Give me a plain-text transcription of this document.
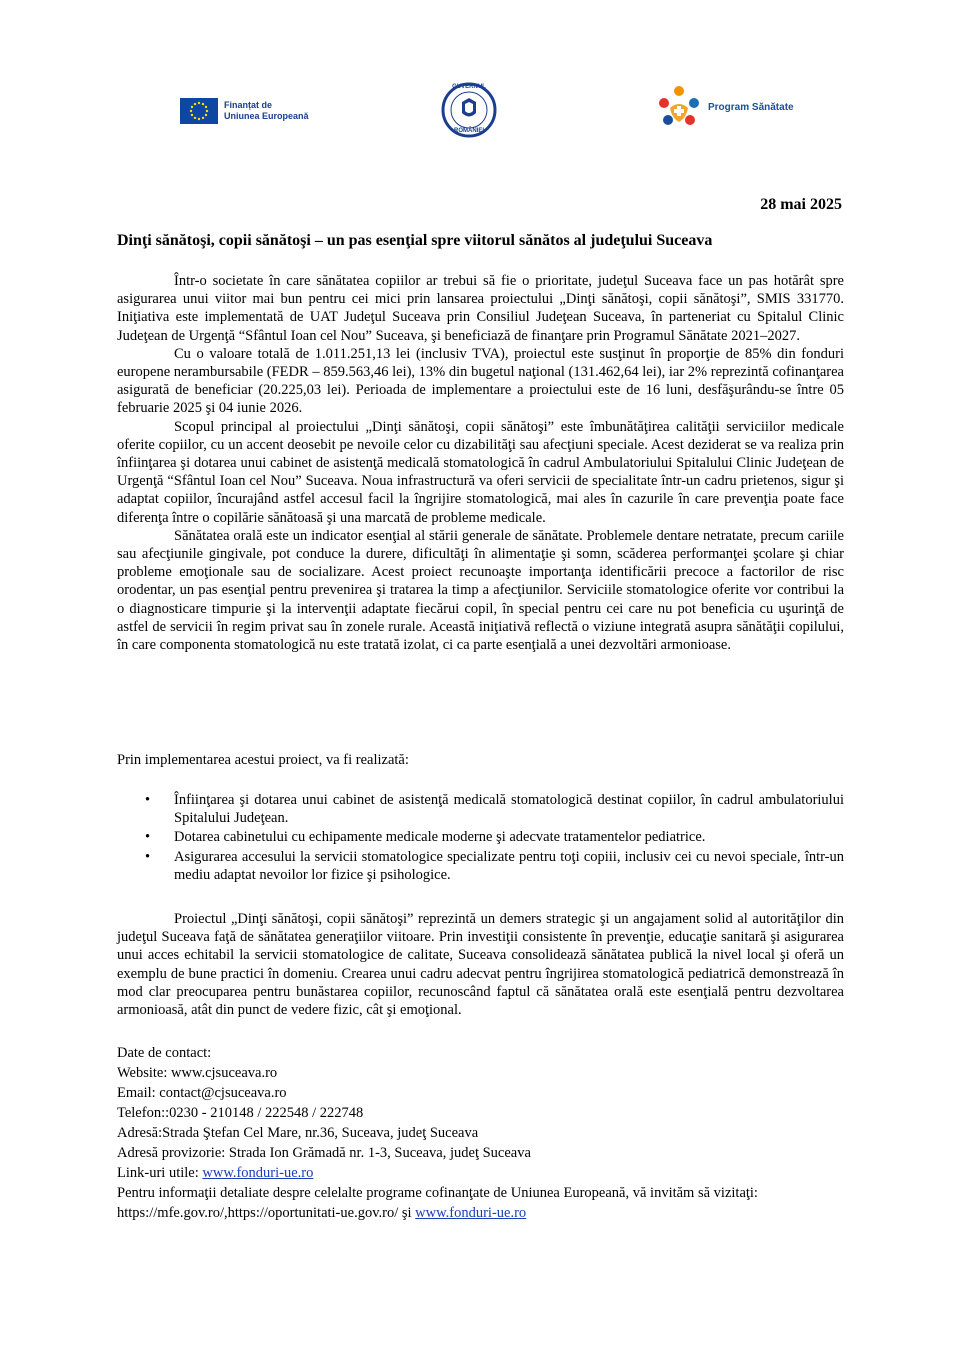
Finanțat de
Uniunea Europeană
GUVERNUL
ROMÂNIEI
Program Sănătate
28 mai 2025
Dinţi sănătoşi, copii sănătoşi – un pas esenţial spre viitorul sănătos al judeţului Suceava

Într-o societate în care sănătatea copiilor ar trebui să fie o prioritate, judeţul Suceava face un pas hotărât spre asigurarea unui viitor mai bun pentru cei mici prin lansarea proiectului „Dinţi sănătoşi, copii sănătoşi”, SMIS 331770. Iniţiativa este implementată de UAT Judeţul Suceava prin Consiliul Judeţean Suceava, în parteneriat cu Spitalul Clinic Judeţean de Urgenţă “Sfântul Ioan cel Nou” Suceava, şi beneficiază de finanţare prin Programul Sănătate 2021–2027.

Cu o valoare totală de 1.011.251,13 lei (inclusiv TVA), proiectul este susţinut în proporţie de 85% din fonduri europene nerambursabile (FEDR – 859.563,46 lei), 13% din bugetul naţional (131.462,64 lei), iar 2% reprezintă cofinanţarea asigurată de beneficiar (20.225,03 lei). Perioada de implementare a proiectului este de 16 luni, desfăşurându-se între 05 februarie 2025 şi 04 iunie 2026.

Scopul principal al proiectului „Dinţi sănătoşi, copii sănătoşi” este îmbunătăţirea calităţii serviciilor medicale oferite copiilor, cu un accent deosebit pe nevoile celor cu dizabilităţi sau afecţiuni speciale. Acest deziderat se va realiza prin înfiinţarea şi dotarea unui cabinet de asistenţă medicală stomatologică în cadrul Ambulatoriului Spitalului Clinic Judeţean de Urgenţă “Sfântul Ioan cel Nou” Suceava. Noua infrastructură va oferi servicii de specialitate într-un cadru prietenos, sigur şi adaptat copiilor, încurajând astfel accesul facil la îngrijire stomatologică, mai ales în cazurile în care prevenţia poate face diferenţa între o copilărie sănătoasă şi una marcată de probleme medicale.

Sănătatea orală este un indicator esenţial al stării generale de sănătate. Problemele dentare netratate, precum cariile sau afecţiunile gingivale, pot conduce la durere, dificultăţi în alimentaţie şi somn, scăderea performanţei şcolare şi chiar probleme emoţionale sau de socializare. Acest proiect recunoaşte importanţa identificării precoce a factorilor de risc orodentar, un pas esenţial pentru prevenirea şi tratarea la timp a afecţiunilor. Serviciile stomatologice oferite vor contribui la o diagnosticare timpurie şi la intervenţii adaptate fiecărui copil, în special pentru cei care nu pot beneficia cu uşurinţă de astfel de servicii în regim privat sau în zonele rurale. Această iniţiativă reflectă o viziune integrată asupra sănătăţii copilului, în care componenta stomatologică nu este tratată izolat, ci ca parte esenţială a unei dezvoltări armonioase.

Prin implementarea acestui proiect, va fi realizată:
• Înfiinţarea şi dotarea unui cabinet de asistenţă medicală stomatologică destinat copiilor, în cadrul ambulatoriului Spitalului Judeţean.
• Dotarea cabinetului cu echipamente medicale moderne şi adecvate tratamentelor pediatrice.
• Asigurarea accesului la servicii stomatologice specializate pentru toţi copiii, inclusiv cei cu nevoi speciale, într-un mediu adaptat nevoilor lor fizice şi psihologice.

Proiectul „Dinţi sănătoşi, copii sănătoşi” reprezintă un demers strategic şi un angajament solid al autorităţilor din judeţul Suceava faţă de sănătatea generaţiilor viitoare. Prin investiţii consistente în prevenţie, educaţie sanitară şi asigurarea unui acces echitabil la servicii stomatologice de calitate, Suceava consolidează sănătatea publică la nivel local şi oferă un exemplu de bune practici în domeniu. Crearea unui cadru adecvat pentru îngrijirea stomatologică pediatrică demonstrează în mod clar preocuparea pentru bunăstarea copiilor, recunoscând faptul că sănătatea orală este esenţială pentru dezvoltarea armonioasă, atât din punct de vedere fizic, cât şi emoţional.

Date de contact:
Website: www.cjsuceava.ro
Email: contact@cjsuceava.ro
Telefon::0230 - 210148 / 222548 / 222748
Adresă:Strada Ştefan Cel Mare, nr.36, Suceava, judeţ Suceava
Adresă provizorie: Strada Ion Grămadă nr. 1-3, Suceava, judeţ Suceava
Link-uri utile: www.fonduri-ue.ro
Pentru informaţii detaliate despre celelalte programe cofinanţate de Uniunea Europeană, vă invităm să vizitaţi:
https://mfe.gov.ro/,https://oportunitati-ue.gov.ro/ şi www.fonduri-ue.ro
